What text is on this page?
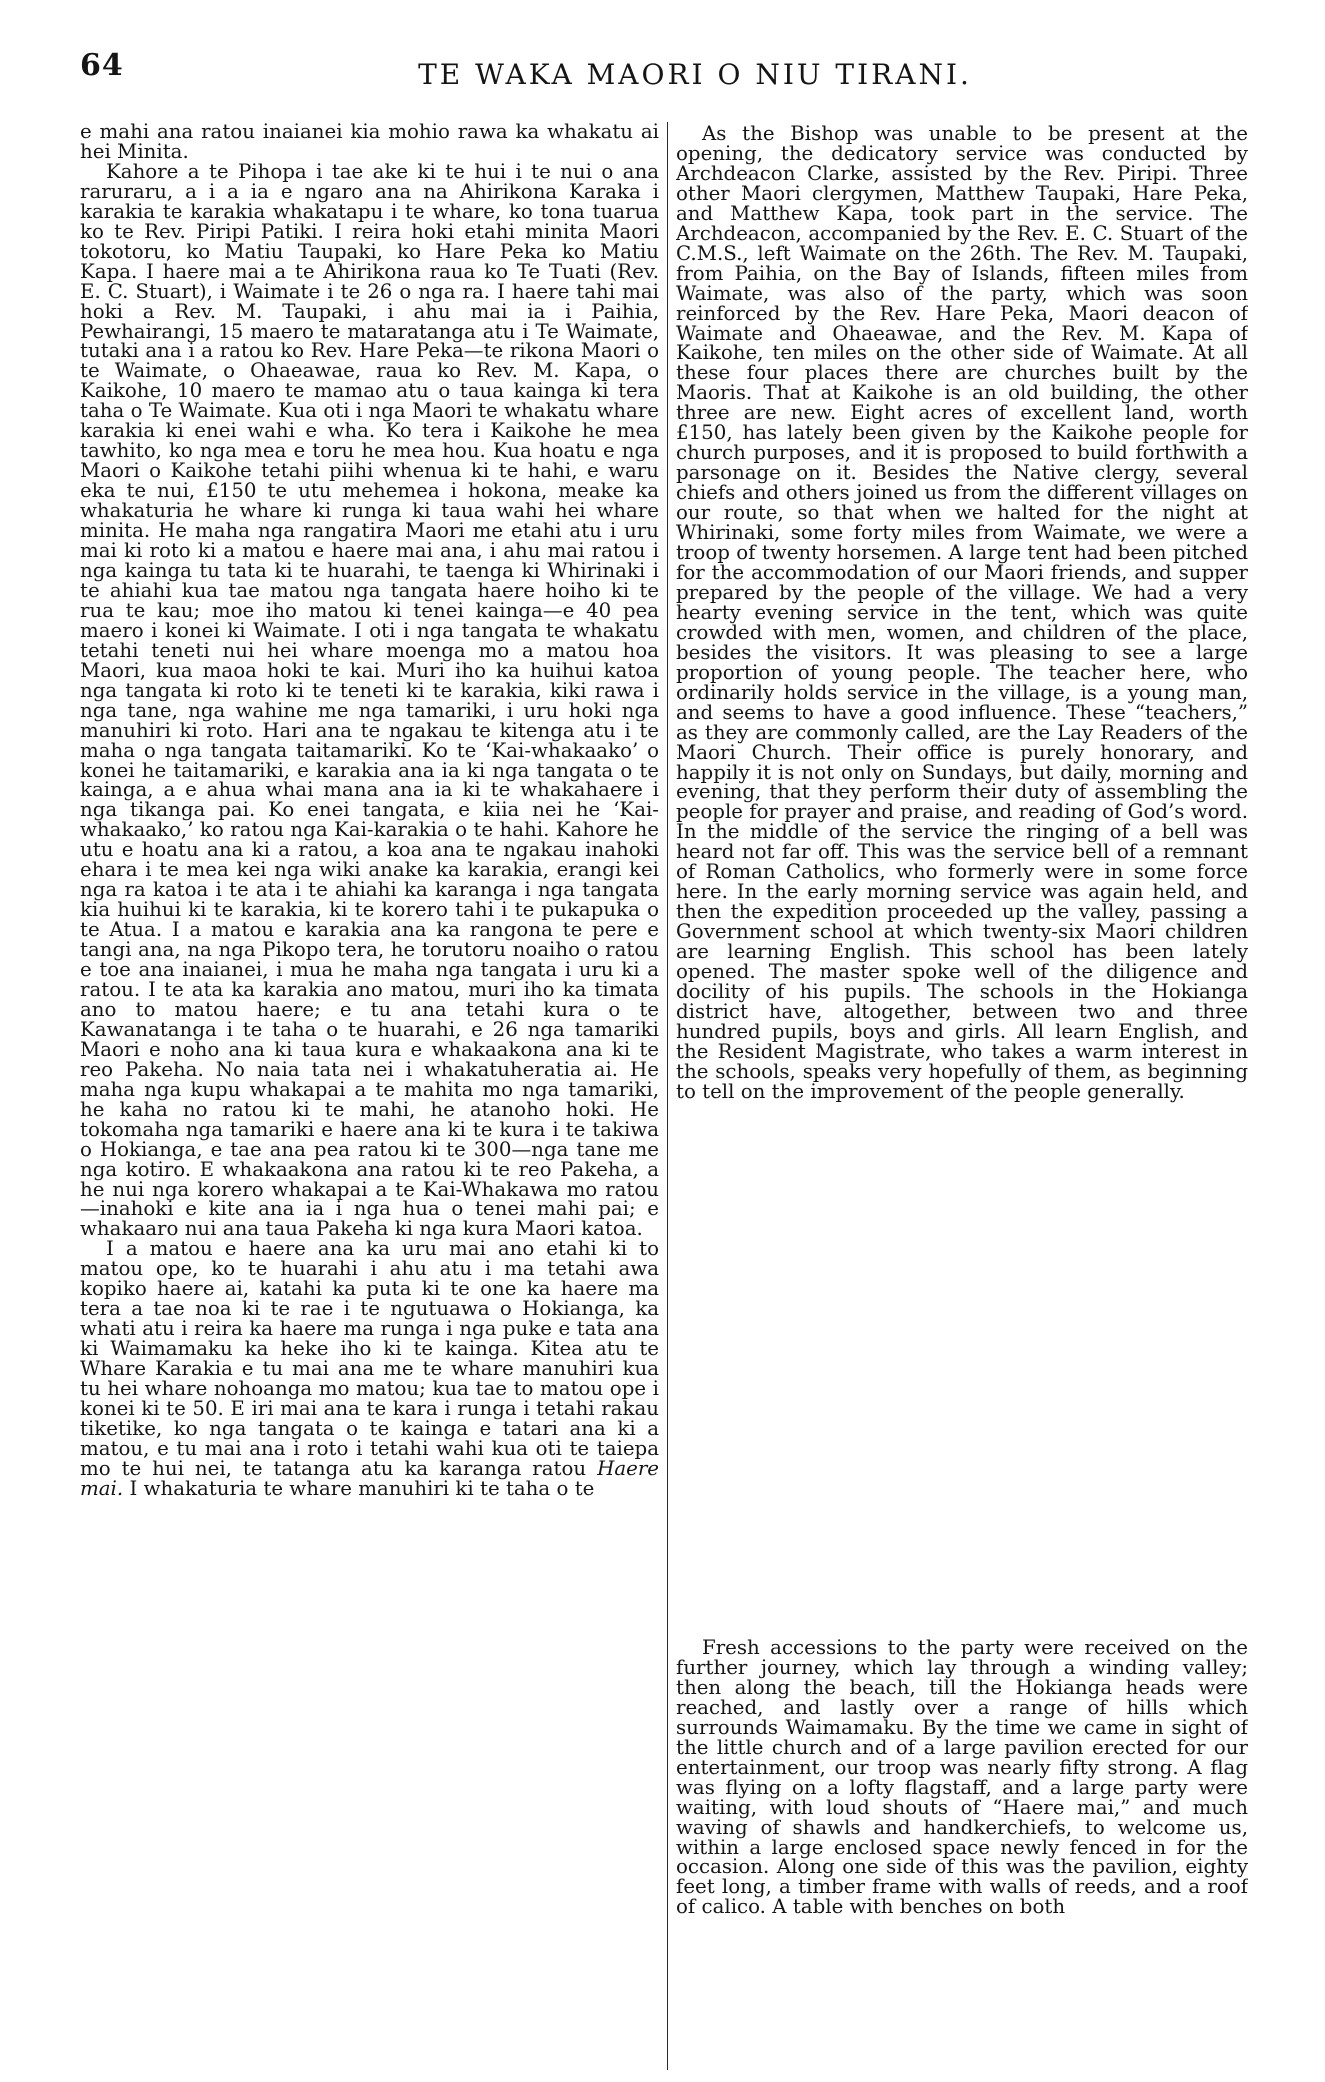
64	TE WAKA MAORI O NIU TIRANI.

e mahi ana ratou inaianei kia mohio rawa ka whakatu ai hei Minita.

Kahore a te Pihopa i tae ake ki te hui i te nui o ana raruraru, a i a ia e ngaro ana na Ahirikona Karaka i karakia te karakia whakatapu i te whare, ko tona tuarua ko te Rev. Piripi Patiki. I reira hoki etahi minita Maori tokotoru, ko Matiu Taupaki, ko Hare Peka ko Matiu Kapa. I haere mai a te Ahirikona raua ko Te Tuati (Rev. E. C. Stuart), i Waimate i te 26 o nga ra. I haere tahi mai hoki a Rev. M. Taupaki, i ahu mai ia i Paihia, Pewhairangi, 15 maero te mataratanga atu i Te Waimate, tutaki ana i a ratou ko Rev. Hare Peka—te rikona Maori o te Waimate, o Ohaeawae, raua ko Rev. M. Kapa, o Kaikohe, 10 maero te mamao atu o taua kainga ki tera taha o Te Waimate. Kua oti i nga Maori te whakatu whare karakia ki enei wahi e wha. Ko tera i Kaikohe he mea tawhito, ko nga mea e toru he mea hou. Kua hoatu e nga Maori o Kaikohe tetahi piihi whenua ki te hahi, e waru eka te nui, £150 te utu mehemea i hokona, meake ka whakaturia he whare ki runga ki taua wahi hei whare minita. He maha nga rangatira Maori me etahi atu i uru mai ki roto ki a matou e haere mai ana, i ahu mai ratou i nga kainga tu tata ki te huarahi, te taenga ki Whirinaki i te ahiahi kua tae matou nga tangata haere hoiho ki te rua te kau; moe iho matou ki tenei kainga—e 40 pea maero i konei ki Waimate. I oti i nga tangata te whakatu tetahi teneti nui hei whare moenga mo a matou hoa Maori, kua maoa hoki te kai. Muri iho ka huihui katoa nga tangata ki roto ki te teneti ki te karakia, kiki rawa i nga tane, nga wahine me nga tamariki, i uru hoki nga manuhiri ki roto. Hari ana te ngakau te kitenga atu i te maha o nga tangata taitamariki. Ko te ‘Kai-whakaako’ o konei he taitamariki, e karakia ana ia ki nga tangata o te kainga, a e ahua whai mana ana ia ki te whakahaere i nga tikanga pai. Ko enei tangata, e kiia nei he ‘Kai-whakaako,’ ko ratou nga Kai-karakia o te hahi. Kahore he utu e hoatu ana ki a ratou, a koa ana te ngakau inahoki ehara i te mea kei nga wiki anake ka karakia, erangi kei nga ra katoa i te ata i te ahiahi ka karanga i nga tangata kia huihui ki te karakia, ki te korero tahi i te pukapuka o te Atua. I a matou e karakia ana ka rangona te pere e tangi ana, na nga Pikopo tera, he torutoru noaiho o ratou e toe ana inaianei, i mua he maha nga tangata i uru ki a ratou. I te ata ka karakia ano matou, muri iho ka timata ano to matou haere; e tu ana tetahi kura o te Kawanatanga i te taha o te huarahi, e 26 nga tamariki Maori e noho ana ki taua kura e whakaakona ana ki te reo Pakeha. No naia tata nei i whakatuheratia ai. He maha nga kupu whakapai a te mahita mo nga tamariki, he kaha no ratou ki te mahi, he atanoho hoki. He tokomaha nga tamariki e haere ana ki te kura i te takiwa o Hokianga, e tae ana pea ratou ki te 300—nga tane me nga kotiro. E whakaakona ana ratou ki te reo Pakeha, a he nui nga korero whakapai a te Kai-Whakawa mo ratou—inahoki e kite ana ia i nga hua o tenei mahi pai; e whakaaro nui ana taua Pakeha ki nga kura Maori katoa.

I a matou e haere ana ka uru mai ano etahi ki to matou ope, ko te huarahi i ahu atu i ma tetahi awa kopiko haere ai, katahi ka puta ki te one ka haere ma tera a tae noa ki te rae i te ngutuawa o Hokianga, ka whati atu i reira ka haere ma runga i nga puke e tata ana ki Waimamaku ka heke iho ki te kainga. Kitea atu te Whare Karakia e tu mai ana me te whare manuhiri kua tu hei whare nohoanga mo matou; kua tae to matou ope i konei ki te 50. E iri mai ana te kara i runga i tetahi rakau tiketike, ko nga tangata o te kainga e tatari ana ki a matou, e tu mai ana i roto i tetahi wahi kua oti te taiepa mo te hui nei, te tatanga atu ka karanga ratou Haere mai. I whakaturia te whare manuhiri ki te taha o te

As the Bishop was unable to be present at the opening, the dedicatory service was conducted by Archdeacon Clarke, assisted by the Rev. Piripi. Three other Maori clergymen, Matthew Taupaki, Hare Peka, and Matthew Kapa, took part in the service. The Archdeacon, accompanied by the Rev. E. C. Stuart of the C.M.S., left Waimate on the 26th. The Rev. M. Taupaki, from Paihia, on the Bay of Islands, fifteen miles from Waimate, was also of the party, which was soon reinforced by the Rev. Hare Peka, Maori deacon of Waimate and Ohaeawae, and the Rev. M. Kapa of Kaikohe, ten miles on the other side of Waimate. At all these four places there are churches built by the Maoris. That at Kaikohe is an old building, the other three are new. Eight acres of excellent land, worth £150, has lately been given by the Kaikohe people for church purposes, and it is proposed to build forthwith a parsonage on it. Besides the Native clergy, several chiefs and others joined us from the different villages on our route, so that when we halted for the night at Whirinaki, some forty miles from Waimate, we were a troop of twenty horsemen. A large tent had been pitched for the accommodation of our Maori friends, and supper prepared by the people of the village. We had a very hearty evening service in the tent, which was quite crowded with men, women, and children of the place, besides the visitors. It was pleasing to see a large proportion of young people. The teacher here, who ordinarily holds service in the village, is a young man, and seems to have a good influence. These “teachers,” as they are commonly called, are the Lay Readers of the Maori Church. Their office is purely honorary, and happily it is not only on Sundays, but daily, morning and evening, that they perform their duty of assembling the people for prayer and praise, and reading of God’s word. In the middle of the service the ringing of a bell was heard not far off. This was the service bell of a remnant of Roman Catholics, who formerly were in some force here. In the early morning service was again held, and then the expedition proceeded up the valley, passing a Government school at which twenty-six Maori children are learning English. This school has been lately opened. The master spoke well of the diligence and docility of his pupils. The schools in the Hokianga district have, altogether, between two and three hundred pupils, boys and girls. All learn English, and the Resident Magistrate, who takes a warm interest in the schools, speaks very hopefully of them, as beginning to tell on the improvement of the people generally.

Fresh accessions to the party were received on the further journey, which lay through a winding valley; then along the beach, till the Hokianga heads were reached, and lastly over a range of hills which surrounds Waimamaku. By the time we came in sight of the little church and of a large pavilion erected for our entertainment, our troop was nearly fifty strong. A flag was flying on a lofty flagstaff, and a large party were waiting, with loud shouts of “Haere mai,” and much waving of shawls and handkerchiefs, to welcome us, within a large enclosed space newly fenced in for the occasion. Along one side of this was the pavilion, eighty feet long, a timber frame with walls of reeds, and a roof of calico. A table with benches on both
